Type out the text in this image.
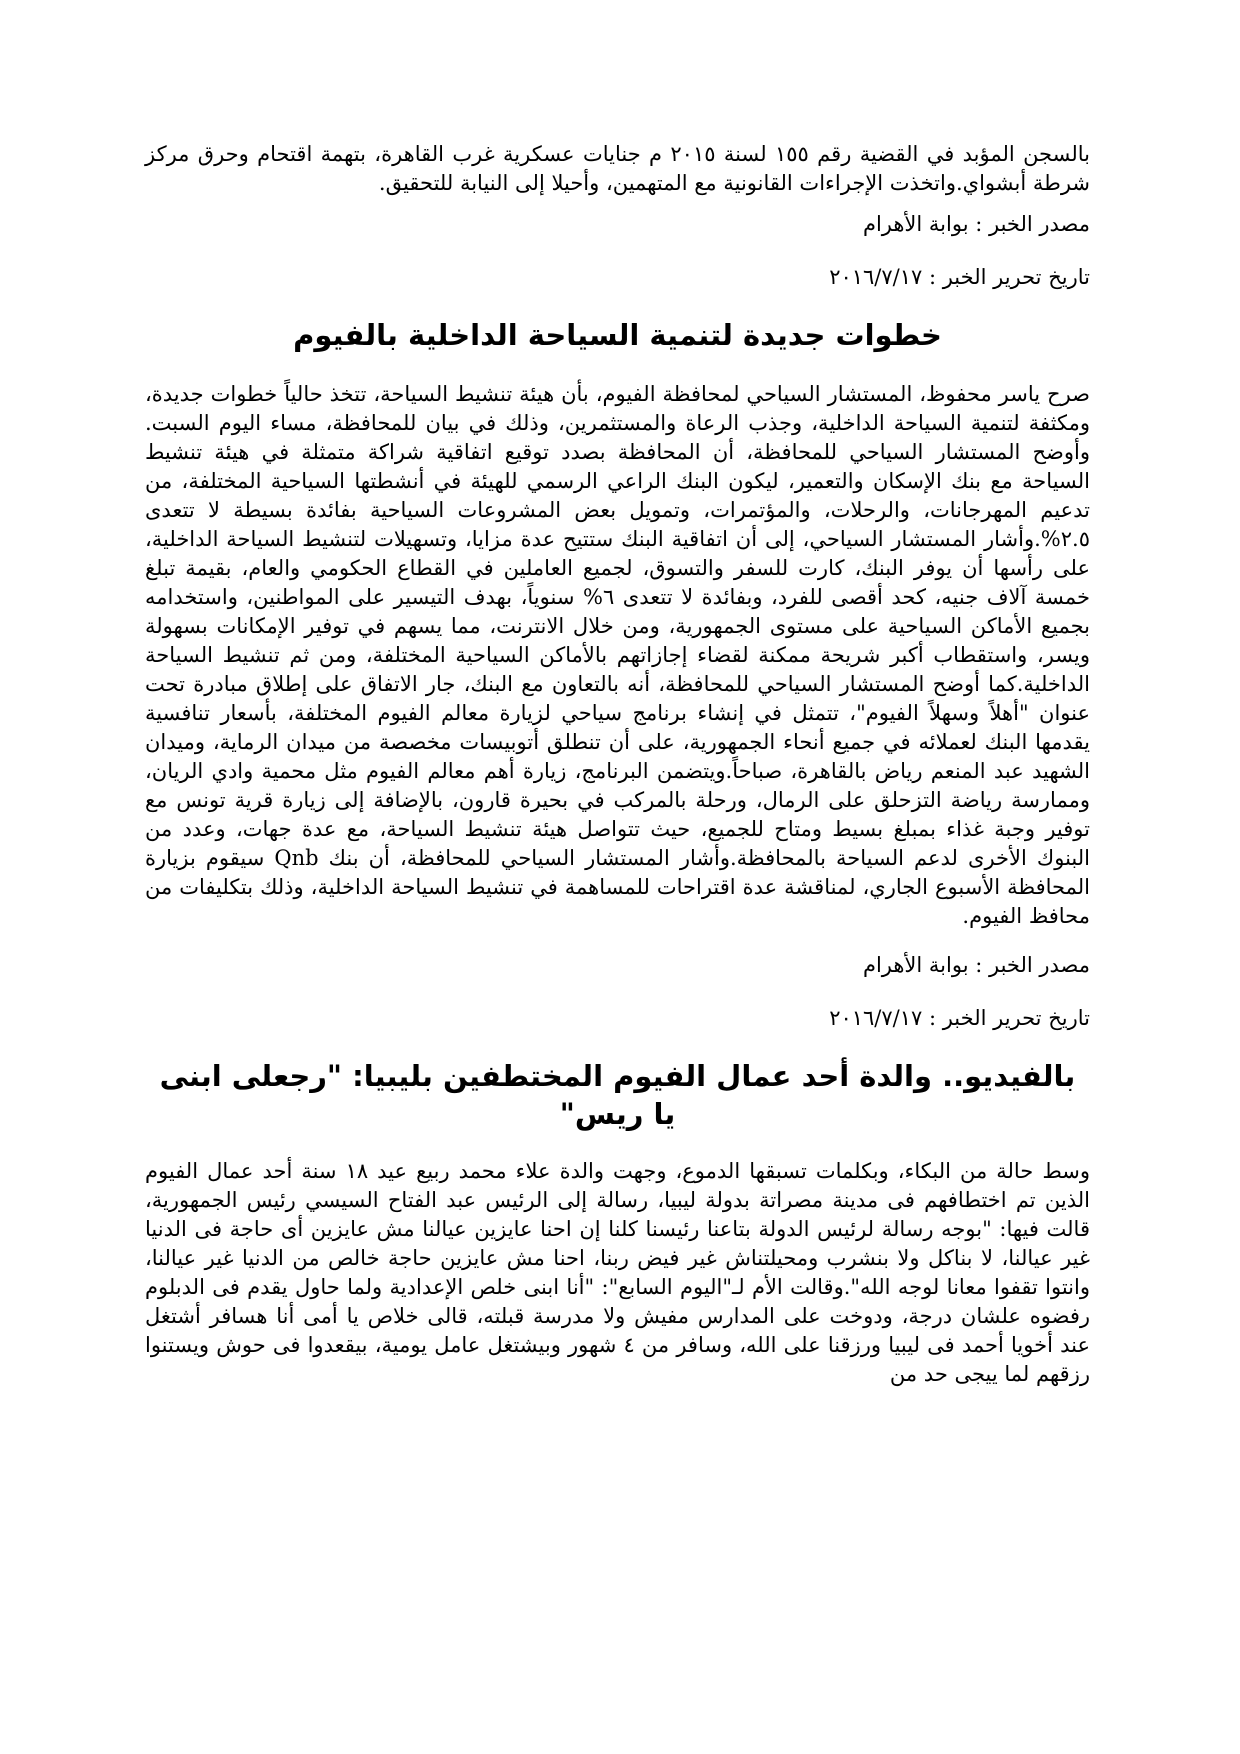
بالسجن المؤبد في القضية رقم ١٥٥ لسنة ٢٠١٥ م جنايات عسكرية غرب القاهرة، بتهمة اقتحام وحرق مركز شرطة أبشواي.واتخذت الإجراءات القانونية مع المتهمين، وأحيلا إلى النيابة للتحقيق.

مصدر الخبر : بوابة الأهرام

تاريخ تحرير الخبر : ٢٠١٦/٧/١٧

خطوات جديدة لتنمية السياحة الداخلية بالفيوم

صرح ياسر محفوظ، المستشار السياحي لمحافظة الفيوم، بأن هيئة تنشيط السياحة، تتخذ حالياً خطوات جديدة، ومكثفة لتنمية السياحة الداخلية، وجذب الرعاة والمستثمرين، وذلك في بيان للمحافظة، مساء اليوم السبت. وأوضح المستشار السياحي للمحافظة، أن المحافظة بصدد توقيع اتفاقية شراكة متمثلة في هيئة تنشيط السياحة مع بنك الإسكان والتعمير، ليكون البنك الراعي الرسمي للهيئة في أنشطتها السياحية المختلفة، من تدعيم المهرجانات، والرحلات، والمؤتمرات، وتمويل بعض المشروعات السياحية بفائدة بسيطة لا تتعدى ٢.٥%.وأشار المستشار السياحي، إلى أن اتفاقية البنك ستتيح عدة مزايا، وتسهيلات لتنشيط السياحة الداخلية، على رأسها أن يوفر البنك، كارت للسفر والتسوق، لجميع العاملين في القطاع الحكومي والعام، بقيمة تبلغ خمسة آلاف جنيه، كحد أقصى للفرد، وبفائدة لا تتعدى ٦% سنوياً، بهدف التيسير على المواطنين، واستخدامه بجميع الأماكن السياحية على مستوى الجمهورية، ومن خلال الانترنت، مما يسهم في توفير الإمكانات بسهولة ويسر، واستقطاب أكبر شريحة ممكنة لقضاء إجازاتهم بالأماكن السياحية المختلفة، ومن ثم تنشيط السياحة الداخلية.كما أوضح المستشار السياحي للمحافظة، أنه بالتعاون مع البنك، جار الاتفاق على إطلاق مبادرة تحت عنوان "أهلاً وسهلاً الفيوم"، تتمثل في إنشاء برنامج سياحي لزيارة معالم الفيوم المختلفة، بأسعار تنافسية يقدمها البنك لعملائه في جميع أنحاء الجمهورية، على أن تنطلق أتوبيسات مخصصة من ميدان الرماية، وميدان الشهيد عبد المنعم رياض بالقاهرة، صباحاً.ويتضمن البرنامج، زيارة أهم معالم الفيوم مثل محمية وادي الريان، وممارسة رياضة التزحلق على الرمال، ورحلة بالمركب في بحيرة قارون، بالإضافة إلى زيارة قرية تونس مع توفير وجبة غذاء بمبلغ بسيط ومتاح للجميع، حيث تتواصل هيئة تنشيط السياحة، مع عدة جهات، وعدد من البنوك الأخرى لدعم السياحة بالمحافظة.وأشار المستشار السياحي للمحافظة، أن بنك Qnb سيقوم بزيارة المحافظة الأسبوع الجاري، لمناقشة عدة اقتراحات للمساهمة في تنشيط السياحة الداخلية، وذلك بتكليفات من محافظ الفيوم.

مصدر الخبر : بوابة الأهرام

تاريخ تحرير الخبر : ٢٠١٦/٧/١٧

بالفيديو.. والدة أحد عمال الفيوم المختطفين بليبيا: "رجعلى ابنى يا ريس"

وسط حالة من البكاء، وبكلمات تسبقها الدموع، وجهت والدة علاء محمد ربيع عيد ١٨ سنة أحد عمال الفيوم الذين تم اختطافهم فى مدينة مصراتة بدولة ليبيا، رسالة إلى الرئيس عبد الفتاح السيسي رئيس الجمهورية، قالت فيها: "بوجه رسالة لرئيس الدولة بتاعنا رئيسنا كلنا إن احنا عايزين عيالنا مش عايزين أى حاجة فى الدنيا غير عيالنا، لا بناكل ولا بنشرب ومحيلتناش غير فيض ربنا، احنا مش عايزين حاجة خالص من الدنيا غير عيالنا، وانتوا تقفوا معانا لوجه الله".وقالت الأم لـ"اليوم السابع": "أنا ابنى خلص الإعدادية ولما حاول يقدم فى الدبلوم رفضوه علشان درجة، ودوخت على المدارس مفيش ولا مدرسة قبلته، قالى خلاص يا أمى أنا هسافر أشتغل عند أخويا أحمد فى ليبيا ورزقنا على الله، وسافر من ٤ شهور وبيشتغل عامل يومية، بيقعدوا فى حوش ويستنوا رزقهم لما ييجى حد من
